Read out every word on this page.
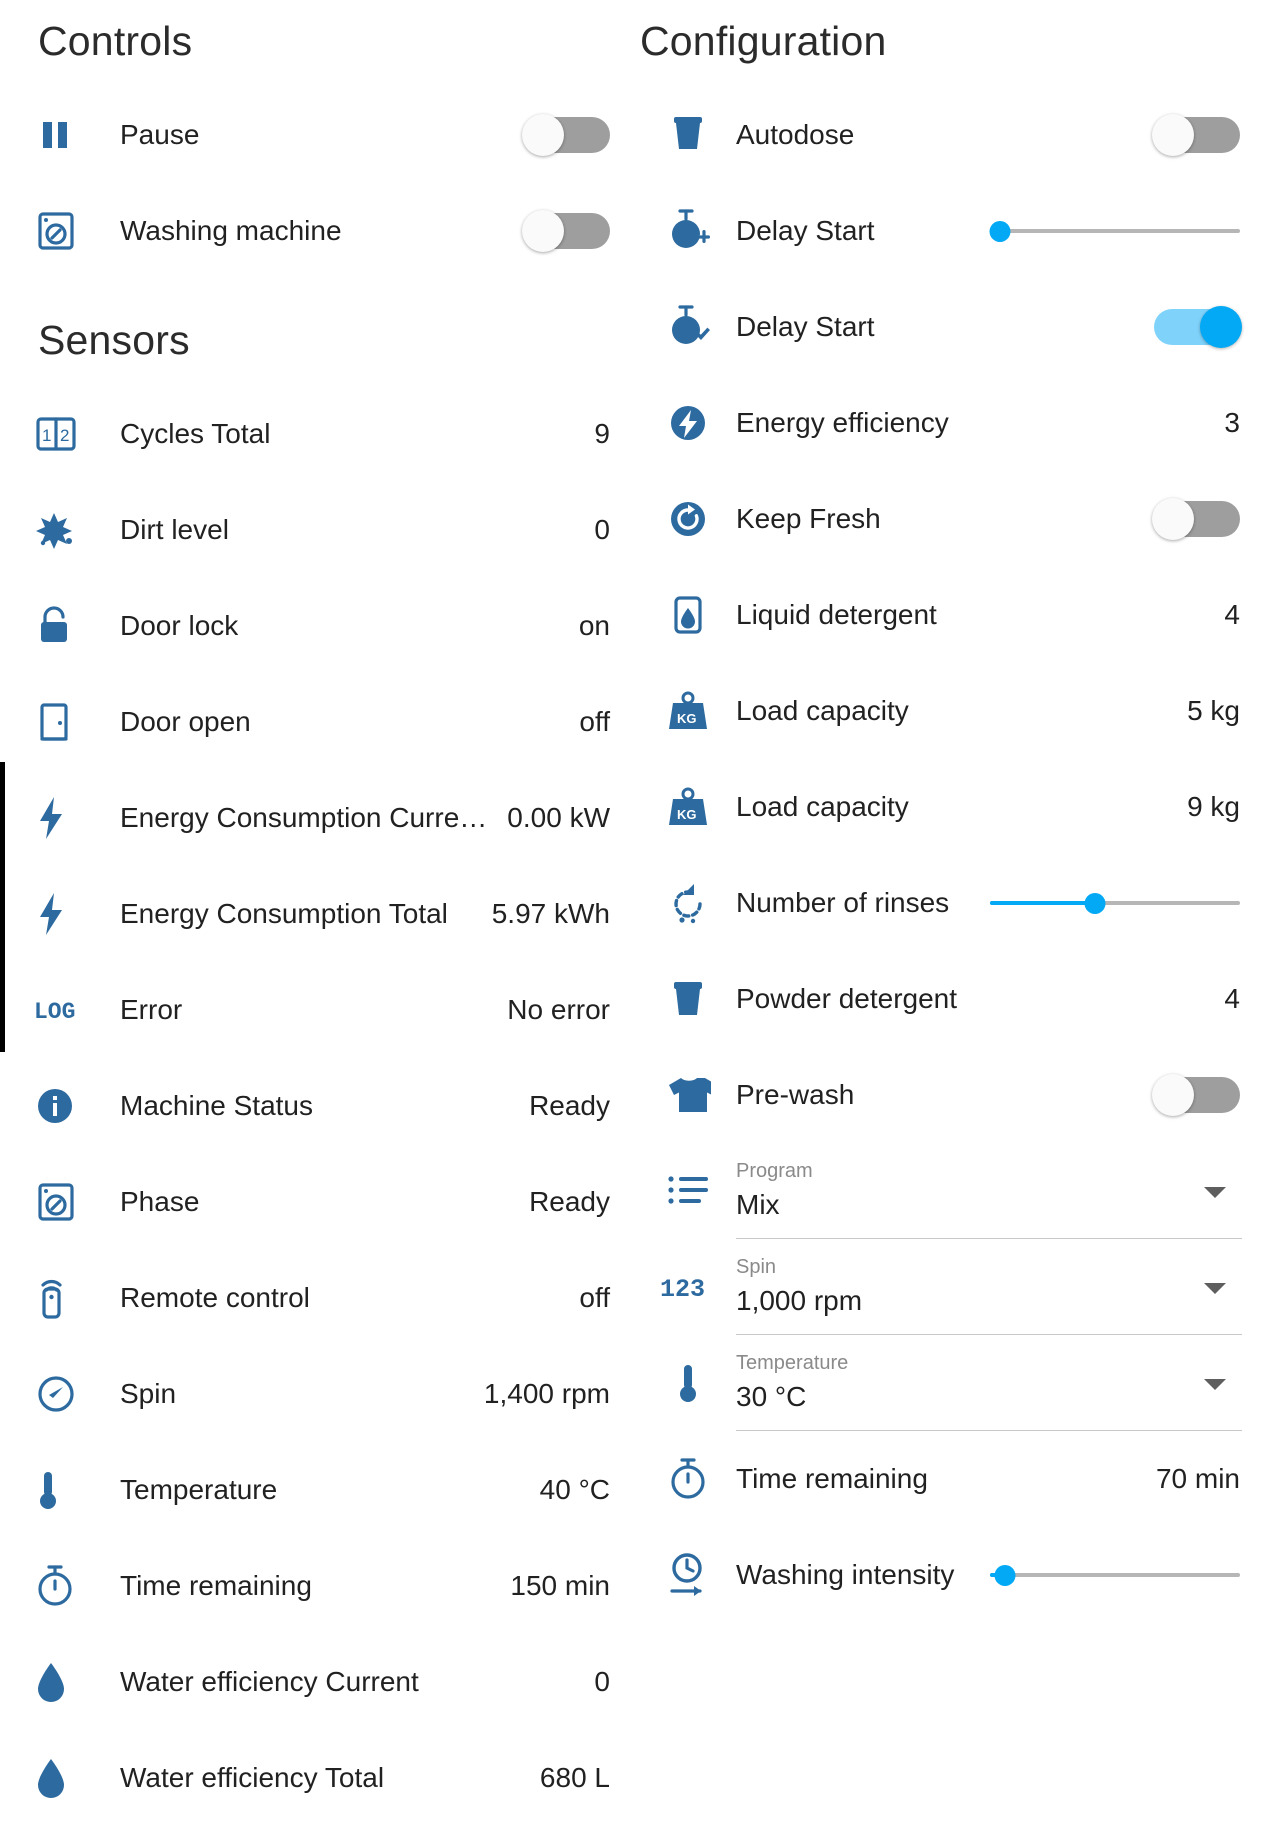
Controls
Pause
Washing machine
Sensors
1 2 Cycles Total	9
Dirt level	0
Door lock	on
Door open	off
Energy Consumption Curre… 0.00 kW
Energy Consumption Total	5.97 kWh
LOG Error	No error
Machine Status	Ready
Phase	Ready
Remote control	off
Spin	1,400 rpm
Temperature	40 °C
Time remaining	150 min
Water efficiency Current	0
Water efficiency Total	680 L
Configuration
Autodose
Delay Start
Delay Start
Energy efficiency	3
Keep Fresh
Liquid detergent	4
KG Load capacity	5 kg
KG Load capacity	9 kg
Number of rinses
Powder detergent	4
Pre-wash
Program
Mix
123
Spin
1,000 rpm
Temperature
30 °C
Time remaining	70 min
Washing intensity
